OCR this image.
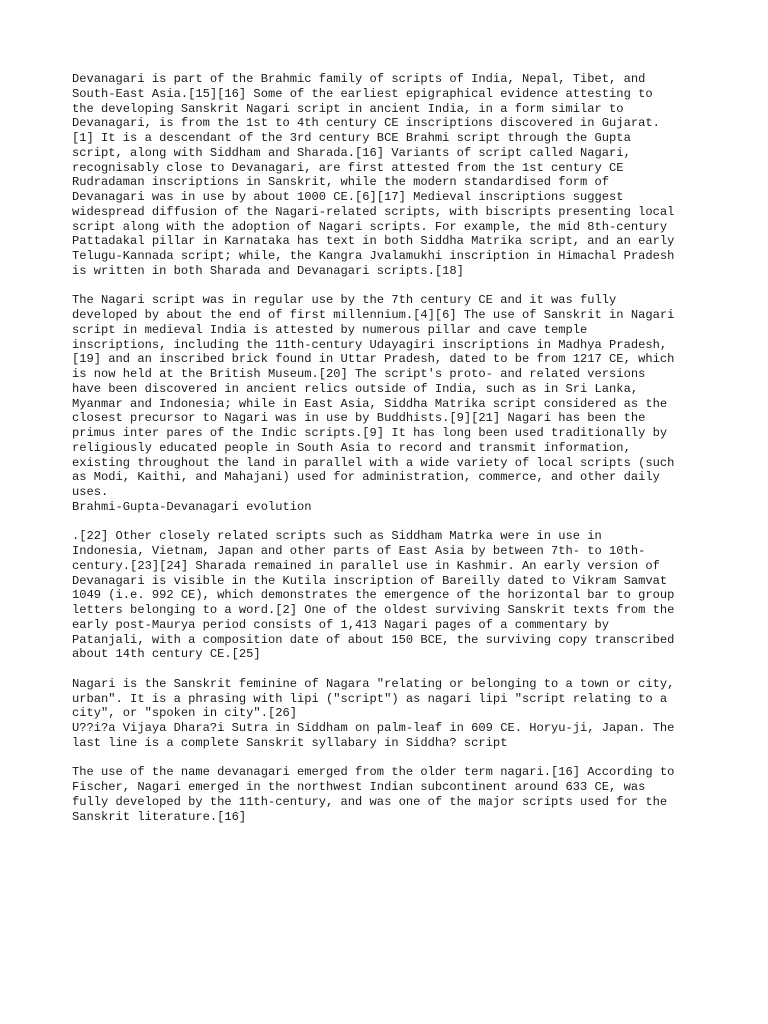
Devanagari is part of the Brahmic family of scripts of India, Nepal, Tibet, and
South-East Asia.[15][16] Some of the earliest epigraphical evidence attesting to
the developing Sanskrit Nagari script in ancient India, in a form similar to
Devanagari, is from the 1st to 4th century CE inscriptions discovered in Gujarat.
[1] It is a descendant of the 3rd century BCE Brahmi script through the Gupta
script, along with Siddham and Sharada.[16] Variants of script called Nagari,
recognisably close to Devanagari, are first attested from the 1st century CE
Rudradaman inscriptions in Sanskrit, while the modern standardised form of
Devanagari was in use by about 1000 CE.[6][17] Medieval inscriptions suggest
widespread diffusion of the Nagari-related scripts, with biscripts presenting local
script along with the adoption of Nagari scripts. For example, the mid 8th-century
Pattadakal pillar in Karnataka has text in both Siddha Matrika script, and an early
Telugu-Kannada script; while, the Kangra Jvalamukhi inscription in Himachal Pradesh
is written in both Sharada and Devanagari scripts.[18]
The Nagari script was in regular use by the 7th century CE and it was fully
developed by about the end of first millennium.[4][6] The use of Sanskrit in Nagari
script in medieval India is attested by numerous pillar and cave temple
inscriptions, including the 11th-century Udayagiri inscriptions in Madhya Pradesh,
[19] and an inscribed brick found in Uttar Pradesh, dated to be from 1217 CE, which
is now held at the British Museum.[20] The script's proto- and related versions
have been discovered in ancient relics outside of India, such as in Sri Lanka,
Myanmar and Indonesia; while in East Asia, Siddha Matrika script considered as the
closest precursor to Nagari was in use by Buddhists.[9][21] Nagari has been the
primus inter pares of the Indic scripts.[9] It has long been used traditionally by
religiously educated people in South Asia to record and transmit information,
existing throughout the land in parallel with a wide variety of local scripts (such
as Modi, Kaithi, and Mahajani) used for administration, commerce, and other daily
uses.
Brahmi-Gupta-Devanagari evolution
.[22] Other closely related scripts such as Siddham Matrka were in use in
Indonesia, Vietnam, Japan and other parts of East Asia by between 7th- to 10th-
century.[23][24] Sharada remained in parallel use in Kashmir. An early version of
Devanagari is visible in the Kutila inscription of Bareilly dated to Vikram Samvat
1049 (i.e. 992 CE), which demonstrates the emergence of the horizontal bar to group
letters belonging to a word.[2] One of the oldest surviving Sanskrit texts from the
early post-Maurya period consists of 1,413 Nagari pages of a commentary by
Patanjali, with a composition date of about 150 BCE, the surviving copy transcribed
about 14th century CE.[25]
Nagari is the Sanskrit feminine of Nagara "relating or belonging to a town or city,
urban". It is a phrasing with lipi ("script") as nagari lipi "script relating to a
city", or "spoken in city".[26]
U??i?a Vijaya Dhara?i Sutra in Siddham on palm-leaf in 609 CE. Horyu-ji, Japan. The
last line is a complete Sanskrit syllabary in Siddha? script
The use of the name devanagari emerged from the older term nagari.[16] According to
Fischer, Nagari emerged in the northwest Indian subcontinent around 633 CE, was
fully developed by the 11th-century, and was one of the major scripts used for the
Sanskrit literature.[16]
